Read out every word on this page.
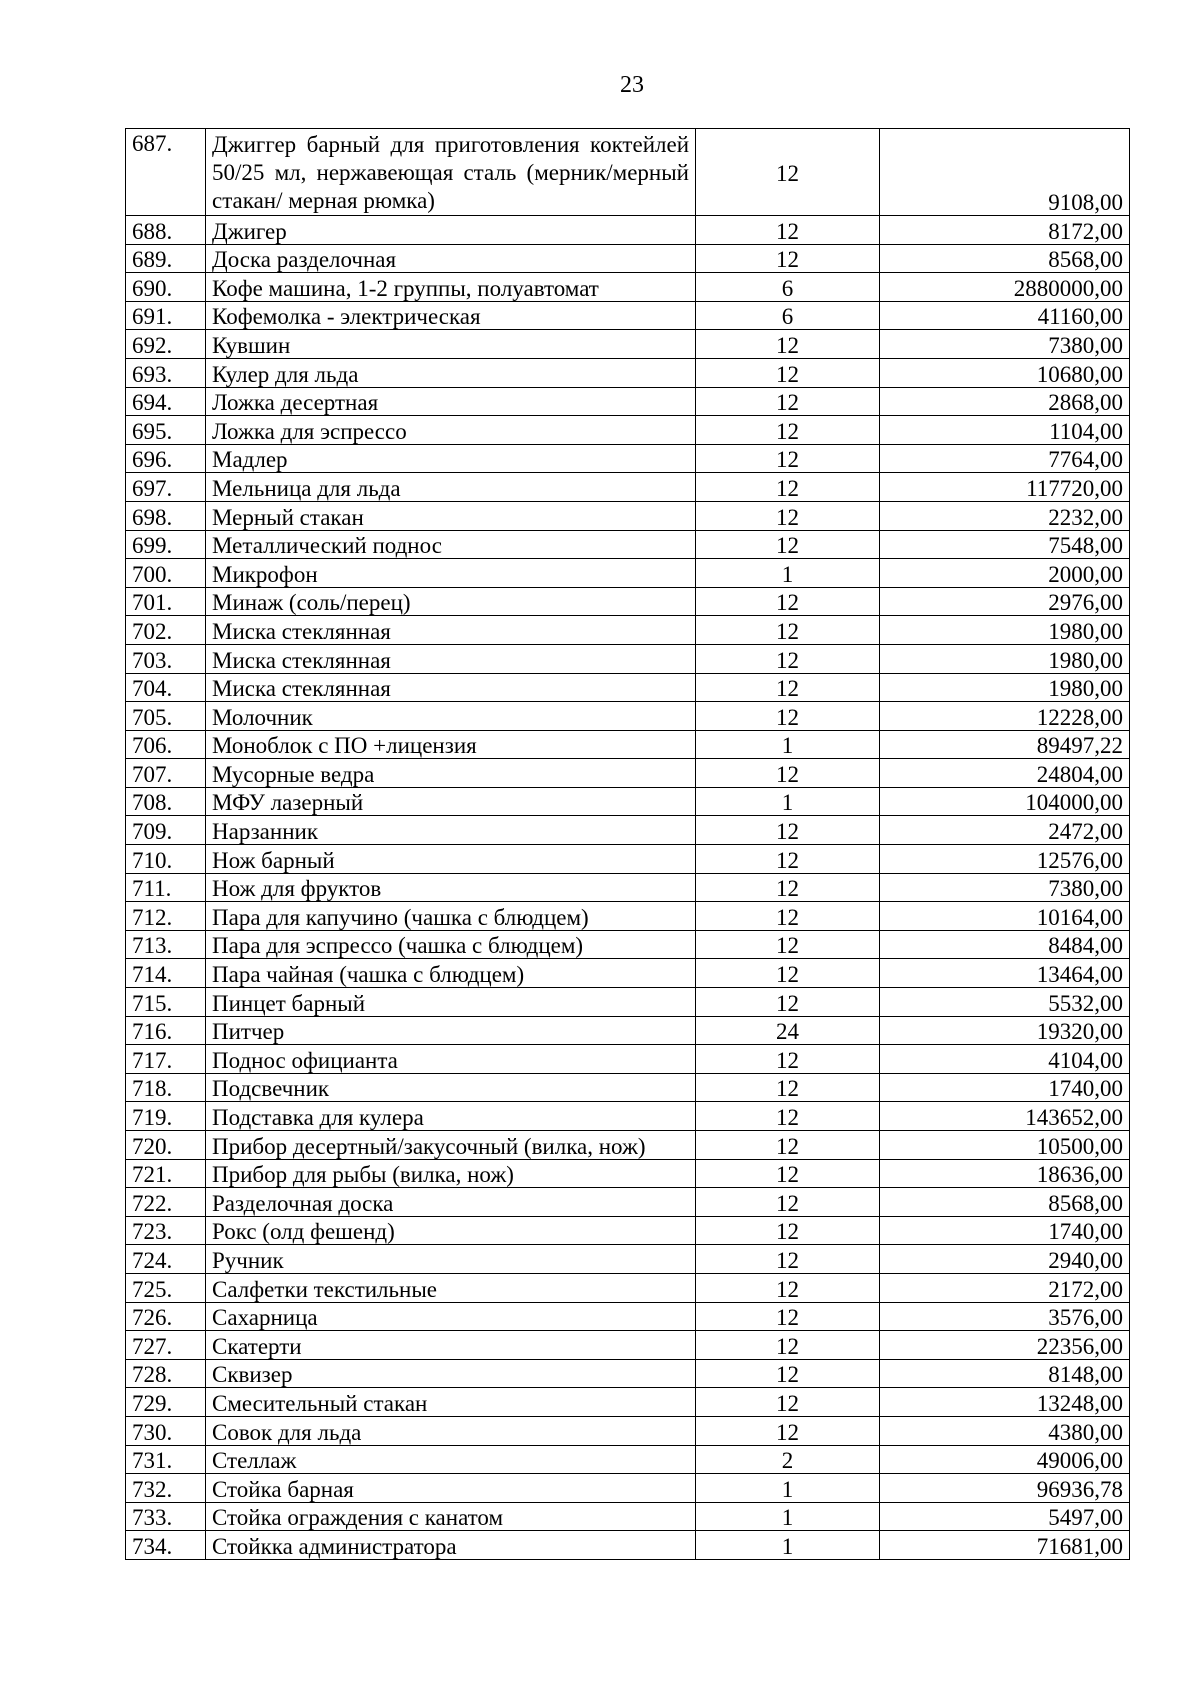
23
687.	Джиггер барный для приготовления коктейлей 50/25 мл, нержавеющая сталь (мерник/мерный стакан/ мерная рюмка)	12	9108,00
688.	Джигер	12	8172,00
689.	Доска разделочная	12	8568,00
690.	Кофе машина, 1-2 группы, полуавтомат	6	2880000,00
691.	Кофемолка - электрическая	6	41160,00
692.	Кувшин	12	7380,00
693.	Кулер для льда	12	10680,00
694.	Ложка десертная	12	2868,00
695.	Ложка для эспрессо	12	1104,00
696.	Мадлер	12	7764,00
697.	Мельница для льда	12	117720,00
698.	Мерный стакан	12	2232,00
699.	Металлический поднос	12	7548,00
700.	Микрофон	1	2000,00
701.	Минаж (соль/перец)	12	2976,00
702.	Миска стеклянная	12	1980,00
703.	Миска стеклянная	12	1980,00
704.	Миска стеклянная	12	1980,00
705.	Молочник	12	12228,00
706.	Моноблок с ПО +лицензия	1	89497,22
707.	Мусорные ведра	12	24804,00
708.	МФУ лазерный	1	104000,00
709.	Нарзанник	12	2472,00
710.	Нож барный	12	12576,00
711.	Нож для фруктов	12	7380,00
712.	Пара для капучино (чашка с блюдцем)	12	10164,00
713.	Пара для эспрессо (чашка с блюдцем)	12	8484,00
714.	Пара чайная (чашка с блюдцем)	12	13464,00
715.	Пинцет барный	12	5532,00
716.	Питчер	24	19320,00
717.	Поднос официанта	12	4104,00
718.	Подсвечник	12	1740,00
719.	Подставка для кулера	12	143652,00
720.	Прибор десертный/закусочный (вилка, нож)	12	10500,00
721.	Прибор для рыбы (вилка, нож)	12	18636,00
722.	Разделочная доска	12	8568,00
723.	Рокс (олд фешенд)	12	1740,00
724.	Ручник	12	2940,00
725.	Салфетки текстильные	12	2172,00
726.	Сахарница	12	3576,00
727.	Скатерти	12	22356,00
728.	Сквизер	12	8148,00
729.	Смесительный стакан	12	13248,00
730.	Совок для льда	12	4380,00
731.	Стеллаж	2	49006,00
732.	Стойка барная	1	96936,78
733.	Стойка ограждения с канатом	1	5497,00
734.	Стойкка администратора	1	71681,00
